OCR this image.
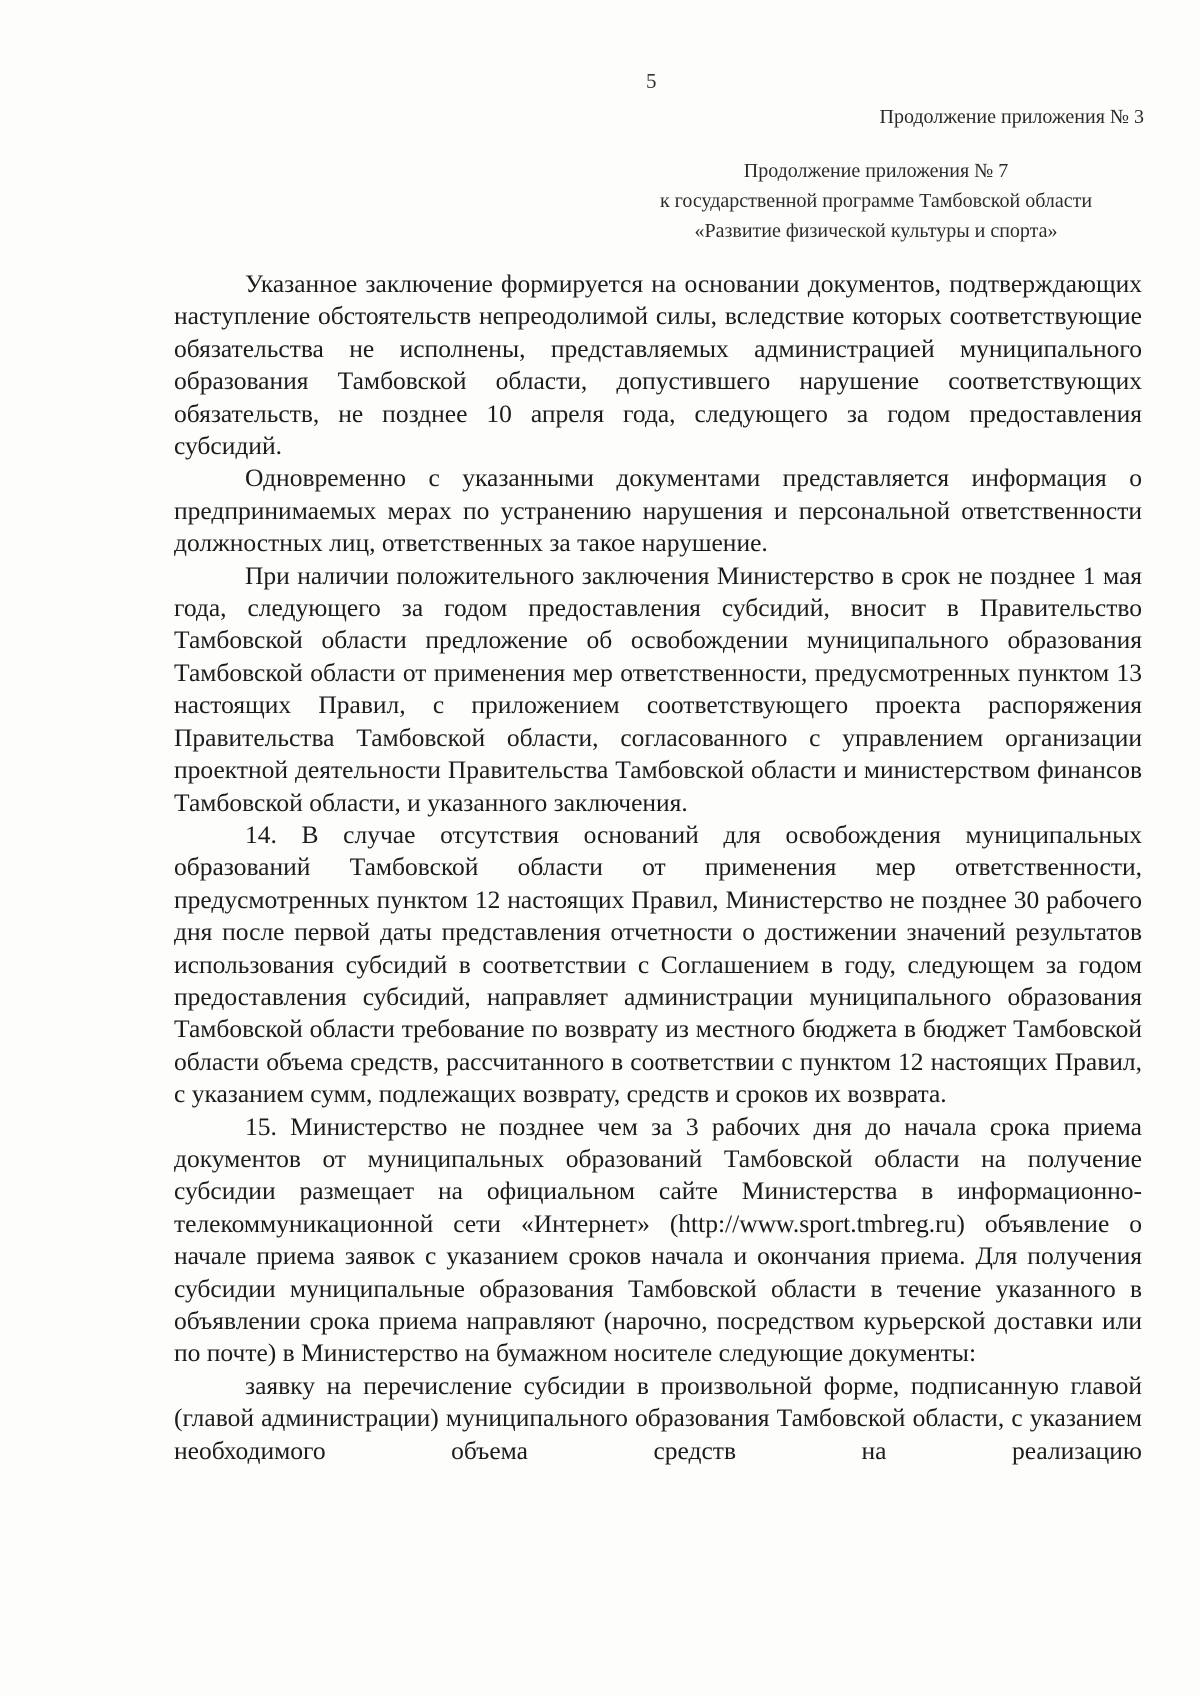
5
Продолжение приложения № 3
Продолжение приложения № 7
к государственной программе Тамбовской области
«Развитие физической культуры и спорта»

Указанное заключение формируется на основании документов, подтверждающих наступление обстоятельств непреодолимой силы, вследствие которых соответствующие обязательства не исполнены, представляемых администрацией муниципального образования Тамбовской области, допустившего нарушение соответствующих обязательств, не позднее 10 апреля года, следующего за годом предоставления субсидий.

Одновременно с указанными документами представляется информация о предпринимаемых мерах по устранению нарушения и персональной ответственности должностных лиц, ответственных за такое нарушение.

При наличии положительного заключения Министерство в срок не позднее 1 мая года, следующего за годом предоставления субсидий, вносит в Правительство Тамбовской области предложение об освобождении муниципального образования Тамбовской области от применения мер ответственности, предусмотренных пунктом 13 настоящих Правил, с приложением соответствующего проекта распоряжения Правительства Тамбовской области, согласованного с управлением организации проектной деятельности Правительства Тамбовской области и министерством финансов Тамбовской области, и указанного заключения.

14. В случае отсутствия оснований для освобождения муниципальных образований Тамбовской области от применения мер ответственности, предусмотренных пунктом 12 настоящих Правил, Министерство не позднее 30 рабочего дня после первой даты представления отчетности о достижении значений результатов использования субсидий в соответствии с Соглашением в году, следующем за годом предоставления субсидий, направляет администрации муниципального образования Тамбовской области требование по возврату из местного бюджета в бюджет Тамбовской области объема средств, рассчитанного в соответствии с пунктом 12 настоящих Правил, с указанием сумм, подлежащих возврату, средств и сроков их возврата.

15. Министерство не позднее чем за 3 рабочих дня до начала срока приема документов от муниципальных образований Тамбовской области на получение субсидии размещает на официальном сайте Министерства в информационно-телекоммуникационной сети «Интернет» (http://www.sport.tmbreg.ru) объявление о начале приема заявок с указанием сроков начала и окончания приема. Для получения субсидии муниципальные образования Тамбовской области в течение указанного в объявлении срока приема направляют (нарочно, посредством курьерской доставки или по почте) в Министерство на бумажном носителе следующие документы:

заявку на перечисление субсидии в произвольной форме, подписанную главой (главой администрации) муниципального образования Тамбовской области, с указанием необходимого объема средств на реализацию
